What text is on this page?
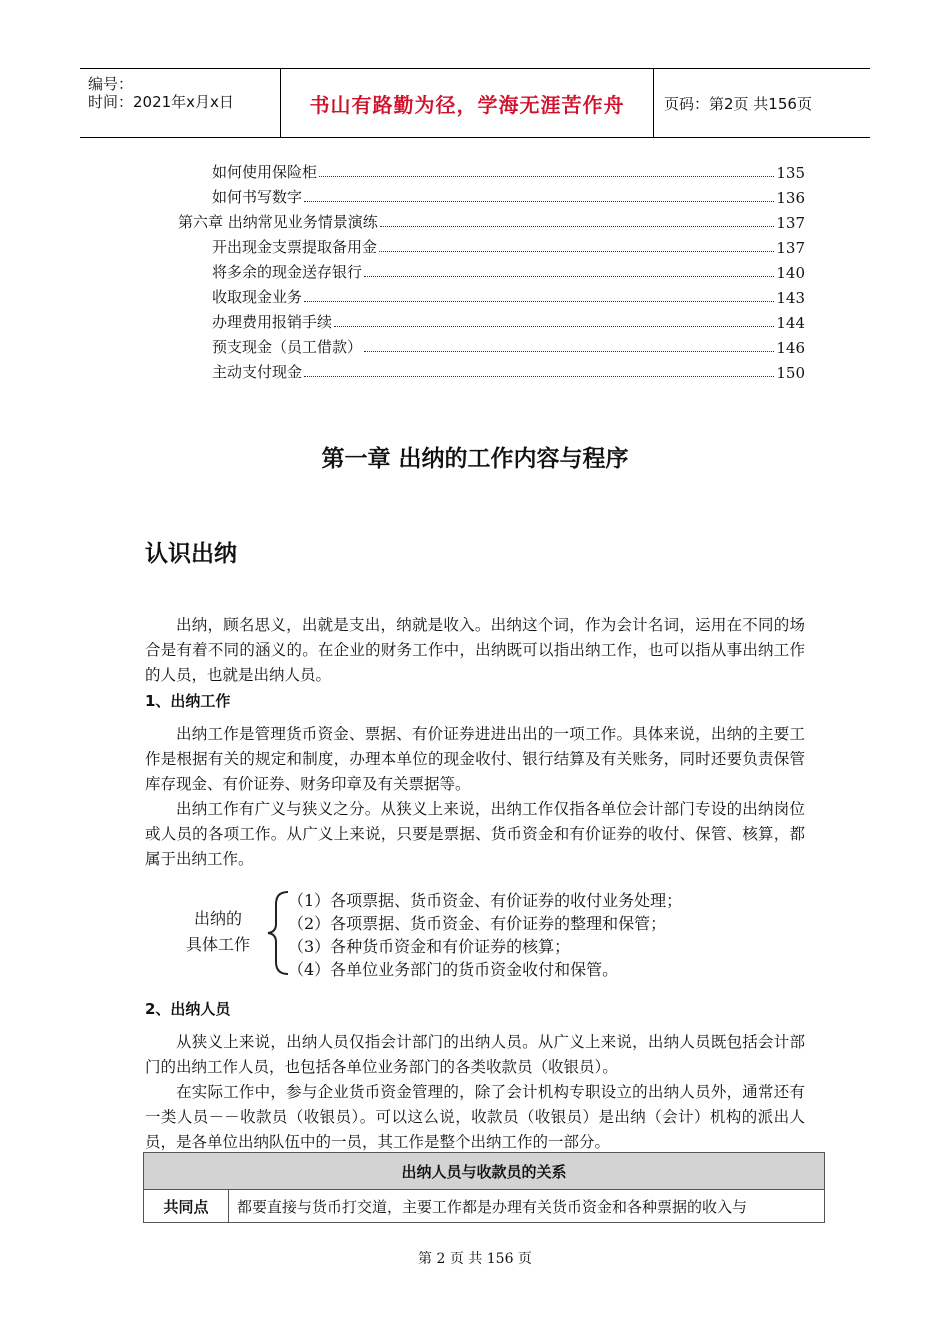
编号：
时间：2021年x月x日	书山有路勤为径，学海无涯苦作舟	页码：第2页 共156页
如何使用保险柜	135
如何书写数字	136
第六章 出纳常见业务情景演练	137
开出现金支票提取备用金	137
将多余的现金送存银行	140
收取现金业务	143
办理费用报销手续	144
预支现金（员工借款）	146
主动支付现金	150
第一章 出纳的工作内容与程序
认识出纳
出纳，顾名思义，出就是支出，纳就是收入。出纳这个词，作为会计名词，运用在不同的场合是有着不同的涵义的。在企业的财务工作中，出纳既可以指出纳工作，也可以指从事出纳工作的人员，也就是出纳人员。
1、出纳工作
出纳工作是管理货币资金、票据、有价证券进进出出的一项工作。具体来说，出纳的主要工作是根据有关的规定和制度，办理本单位的现金收付、银行结算及有关账务，同时还要负责保管库存现金、有价证券、财务印章及有关票据等。
出纳工作有广义与狭义之分。从狭义上来说，出纳工作仅指各单位会计部门专设的出纳岗位或人员的各项工作。从广义上来说，只要是票据、货币资金和有价证券的收付、保管、核算，都属于出纳工作。
出纳的
具体工作
（1）各项票据、货币资金、有价证券的收付业务处理；
（2）各项票据、货币资金、有价证券的整理和保管；
（3）各种货币资金和有价证券的核算；
（4）各单位业务部门的货币资金收付和保管。
2、出纳人员
从狭义上来说，出纳人员仅指会计部门的出纳人员。从广义上来说，出纳人员既包括会计部门的出纳工作人员，也包括各单位业务部门的各类收款员（收银员）。
在实际工作中，参与企业货币资金管理的，除了会计机构专职设立的出纳人员外，通常还有一类人员－－收款员（收银员）。可以这么说，收款员（收银员）是出纳（会计）机构的派出人员，是各单位出纳队伍中的一员，其工作是整个出纳工作的一部分。
出纳人员与收款员的关系
共同点	都要直接与货币打交道，主要工作都是办理有关货币资金和各种票据的收入与
第 2 页 共 156 页
